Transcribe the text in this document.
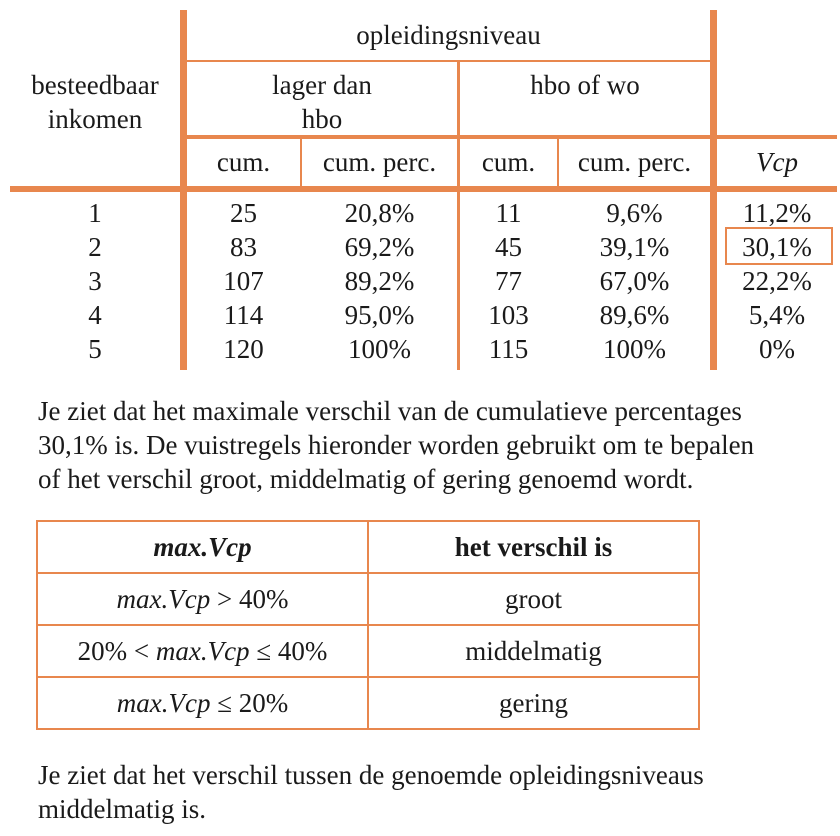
besteedbaar
inkomen
opleidingsniveau
lager dan
hbo
hbo of wo
cum.	cum. perc.	cum.	cum. perc.	Vcp
1	25	20,8%	11	9,6%	11,2%
2	83	69,2%	45	39,1%	30,1%
3	107	89,2%	77	67,0%	22,2%
4	114	95,0%	103	89,6%	5,4%
5	120	100%	115	100%	0%
Je ziet dat het maximale verschil van de cumulatieve percentages
30,1% is. De vuistregels hieronder worden gebruikt om te bepalen
of het verschil groot, middelmatig of gering genoemd wordt.
max.Vcp	het verschil is
max.Vcp > 40%	groot
20% < max.Vcp ≤ 40%	middelmatig
max.Vcp ≤ 20%	gering
Je ziet dat het verschil tussen de genoemde opleidingsniveaus
middelmatig is.
